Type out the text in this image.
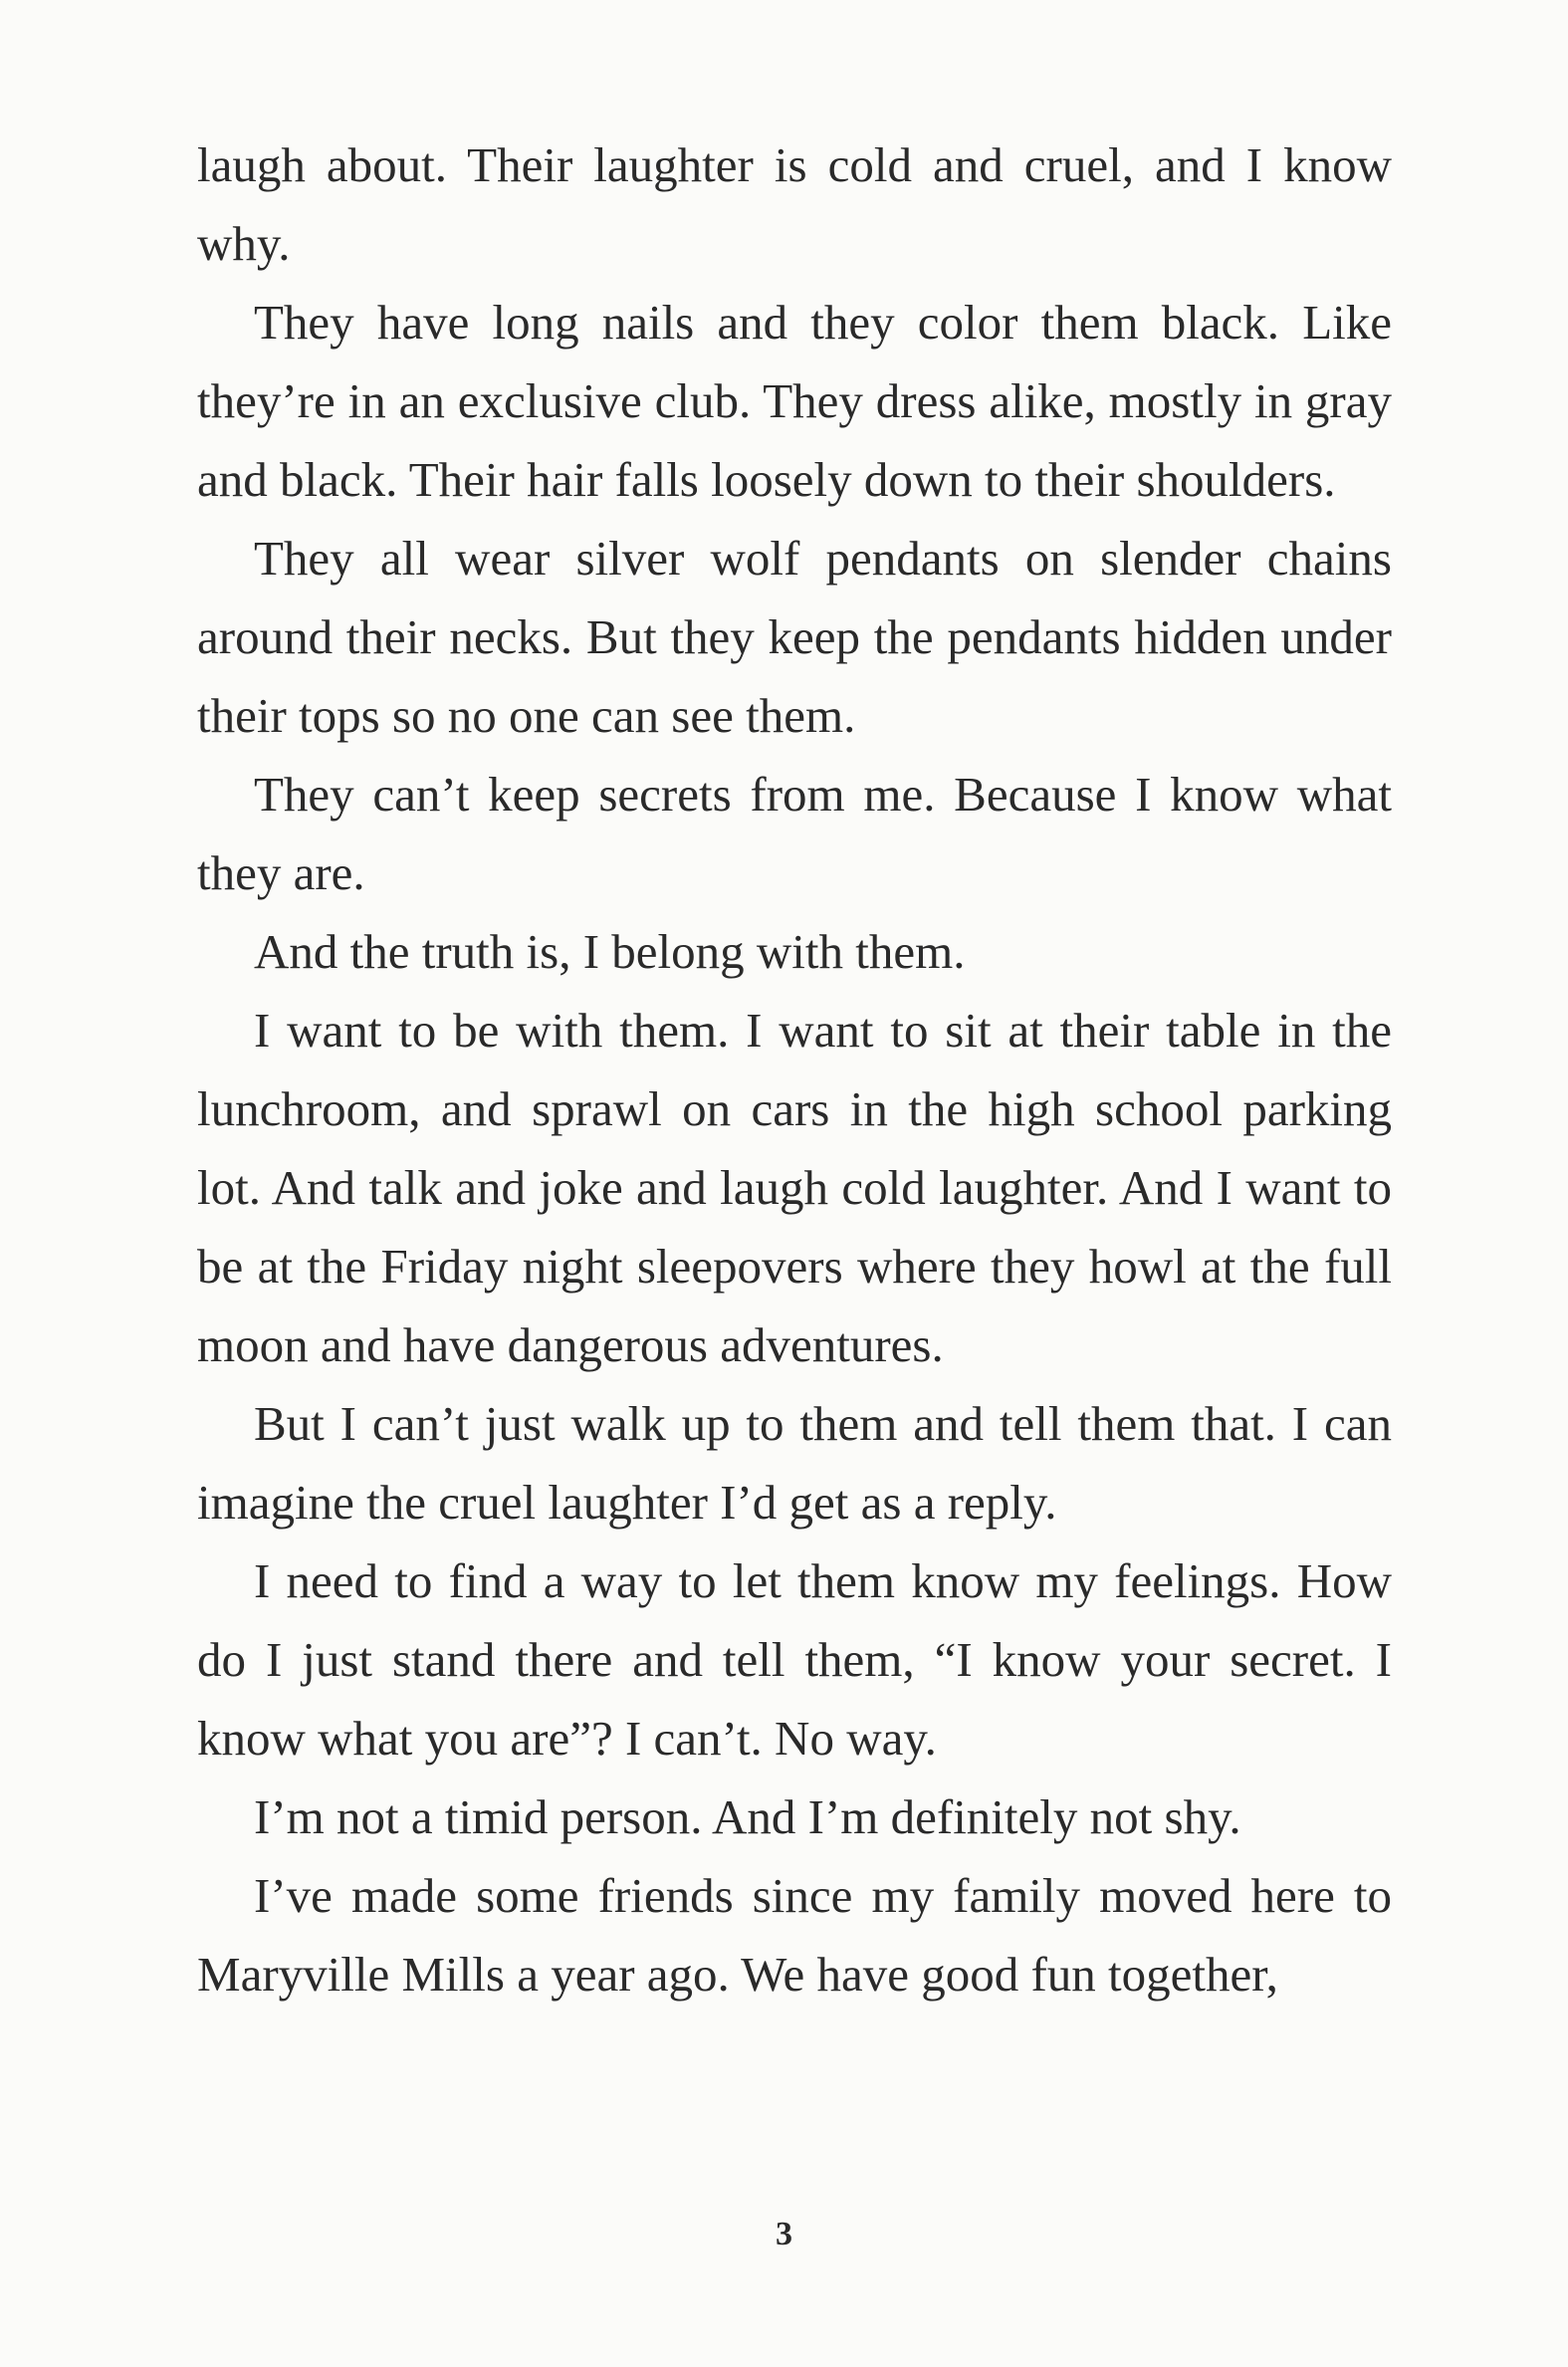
laugh about. Their laughter is cold and cruel, and I know why.

They have long nails and they color them black. Like they’re in an exclusive club. They dress alike, mostly in gray and black. Their hair falls loosely down to their shoulders.

They all wear silver wolf pendants on slender chains around their necks. But they keep the pendants hidden under their tops so no one can see them.

They can’t keep secrets from me. Because I know what they are.

And the truth is, I belong with them.

I want to be with them. I want to sit at their table in the lunchroom, and sprawl on cars in the high school parking lot. And talk and joke and laugh cold laughter. And I want to be at the Friday night sleepovers where they howl at the full moon and have dangerous adventures.

But I can’t just walk up to them and tell them that. I can imagine the cruel laughter I’d get as a reply.

I need to find a way to let them know my feelings. How do I just stand there and tell them, “I know your secret. I know what you are”? I can’t. No way.

I’m not a timid person. And I’m definitely not shy.

I’ve made some friends since my family moved here to Maryville Mills a year ago. We have good fun together,

3
